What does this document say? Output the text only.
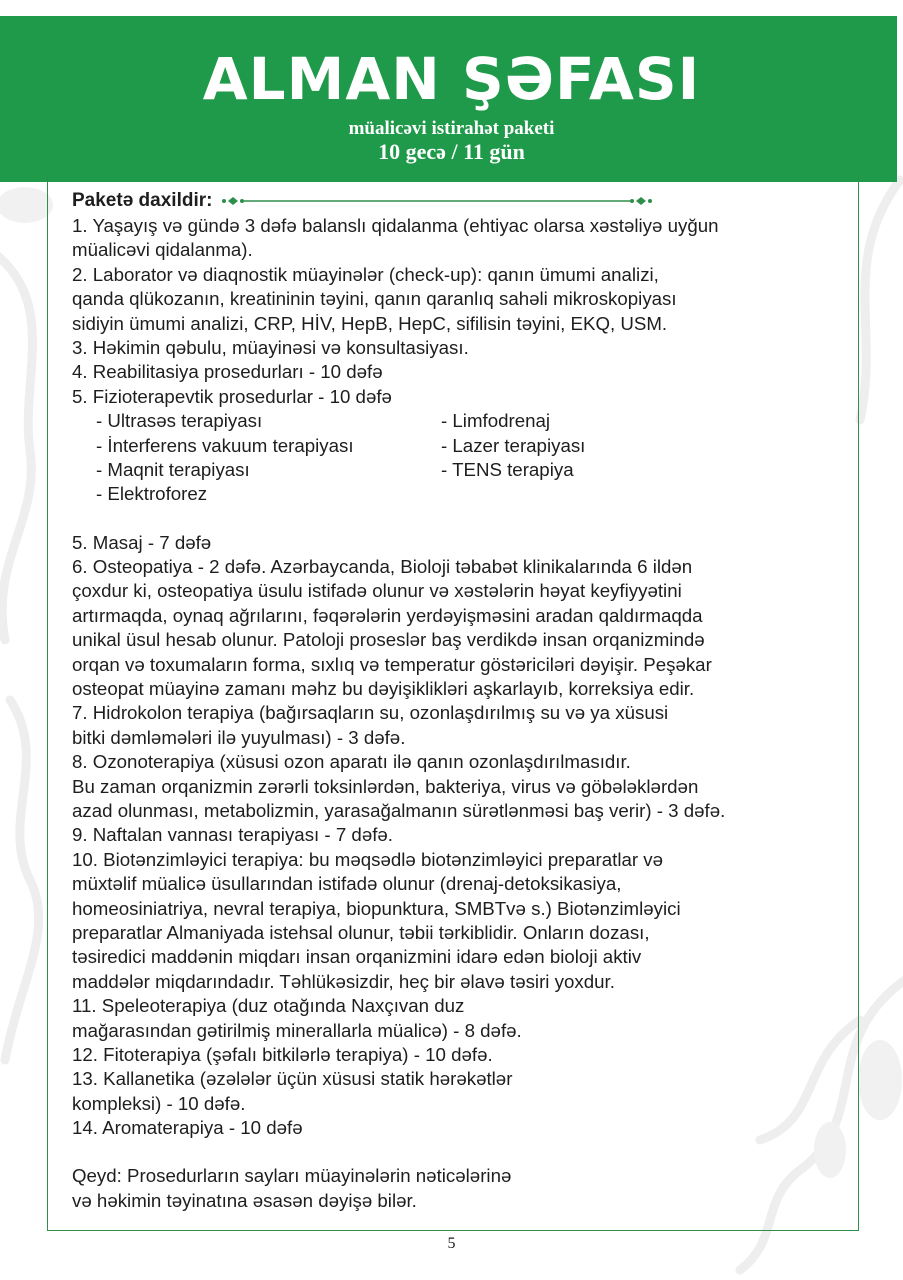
ALMAN ŞƏFASI
müalicəvi istirahət paketi
10 gecə / 11 gün
Paketə daxildir:
1. Yaşayış və gündə 3 dəfə balanslı qidalanma (ehtiyac olarsa xəstəliyə uyğun
müalicəvi qidalanma).
2. Laborator və diaqnostik müayinələr (check-up): qanın ümumi analizi,
qanda qlükozanın, kreatininin təyini, qanın qaranlıq sahəli mikroskopiyası
sidiyin ümumi analizi, CRP, HİV, HepB, HepC, sifilisin təyini, EKQ, USM.
3. Həkimin qəbulu, müayinəsi və konsultasiyası.
4. Reabilitasiya prosedurları - 10 dəfə
5. Fizioterapevtik prosedurlar - 10 dəfə
- Ultrasəs terapiyası
- İnterferens vakuum terapiyası
- Maqnit terapiyası
- Elektroforez
- Limfodrenaj
- Lazer terapiyası
- TENS terapiya
5. Masaj - 7 dəfə
6. Osteopatiya - 2 dəfə. Azərbaycanda, Bioloji təbabət klinikalarında 6 ildən
çoxdur ki, osteopatiya üsulu istifadə olunur və xəstələrin həyat keyfiyyətini
artırmaqda, oynaq ağrılarını, fəqərələrin yerdəyişməsini aradan qaldırmaqda
unikal üsul hesab olunur. Patoloji proseslər baş verdikdə insan orqanizmində
orqan və toxumaların forma, sıxlıq və temperatur göstəriciləri dəyişir. Peşəkar
osteopat müayinə zamanı məhz bu dəyişiklikləri aşkarlayıb, korreksiya edir.
7. Hidrokolon terapiya (bağırsaqların su, ozonlaşdırılmış su və ya xüsusi
bitki dəmləmələri ilə yuyulması) - 3 dəfə.
8. Ozonoterapiya (xüsusi ozon aparatı ilə qanın ozonlaşdırılmasıdır.
Bu zaman orqanizmin zərərli toksinlərdən, bakteriya, virus və göbələklərdən
azad olunması, metabolizmin, yarasağalmanın sürətlənməsi baş verir) - 3 dəfə.
9. Naftalan vannası terapiyası - 7 dəfə.
10. Biotənzimləyici terapiya: bu məqsədlə biotənzimləyici preparatlar və
müxtəlif müalicə üsullarından istifadə olunur (drenaj-detoksikasiya,
homeosiniatriya, nevral terapiya, biopunktura, SMBTvə s.) Biotənzimləyici
preparatlar Almaniyada istehsal olunur, təbii tərkiblidir. Onların dozası,
təsiredici maddənin miqdarı insan orqanizmini idarə edən bioloji aktiv
maddələr miqdarındadır. Təhlükəsizdir, heç bir əlavə təsiri yoxdur.
11. Speleoterapiya (duz otağında Naxçıvan duz
mağarasından gətirilmiş minerallarla müalicə) - 8 dəfə.
12. Fitoterapiya (şəfalı bitkilərlə terapiya) - 10 dəfə.
13. Kallanetika (əzələlər üçün xüsusi statik hərəkətlər
kompleksi) - 10 dəfə.
14. Aromaterapiya - 10 dəfə
Qeyd: Prosedurların sayları müayinələrin nəticələrinə
və həkimin təyinatına əsasən dəyişə bilər.
5
